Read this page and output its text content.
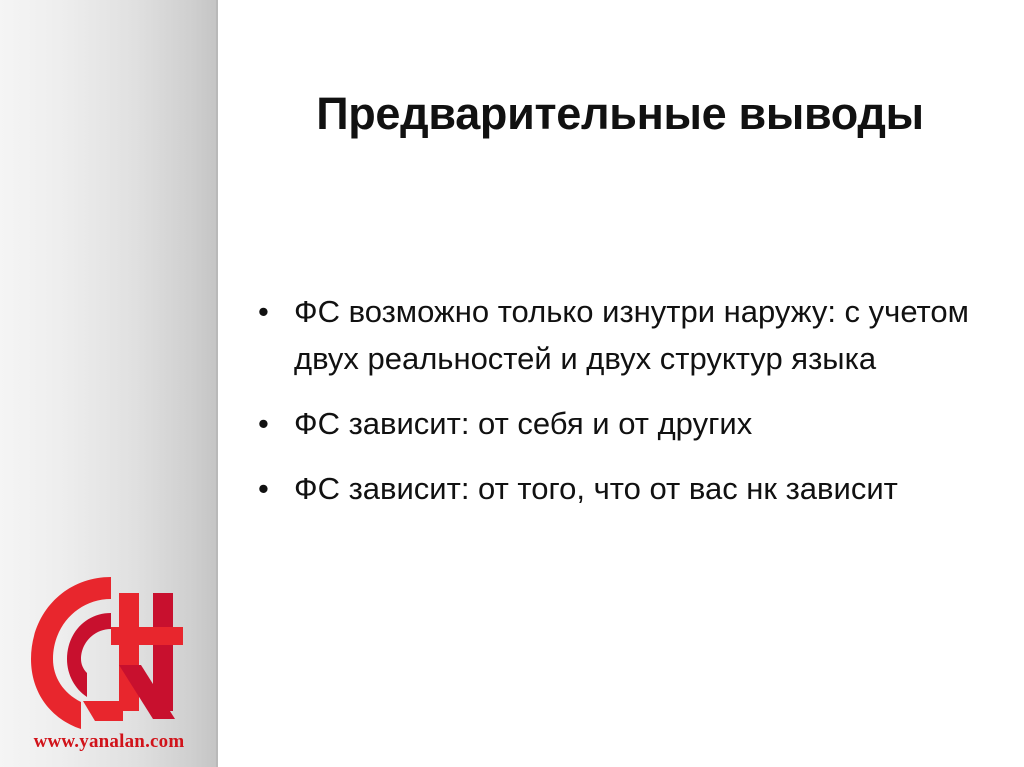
www.yanalan.com
Предварительные выводы
• ФС возможно только изнутри наружу: с учетом двух реальностей и двух структур языка
• ФС зависит: от себя и от других
• ФС зависит: от того, что от вас нк зависит
